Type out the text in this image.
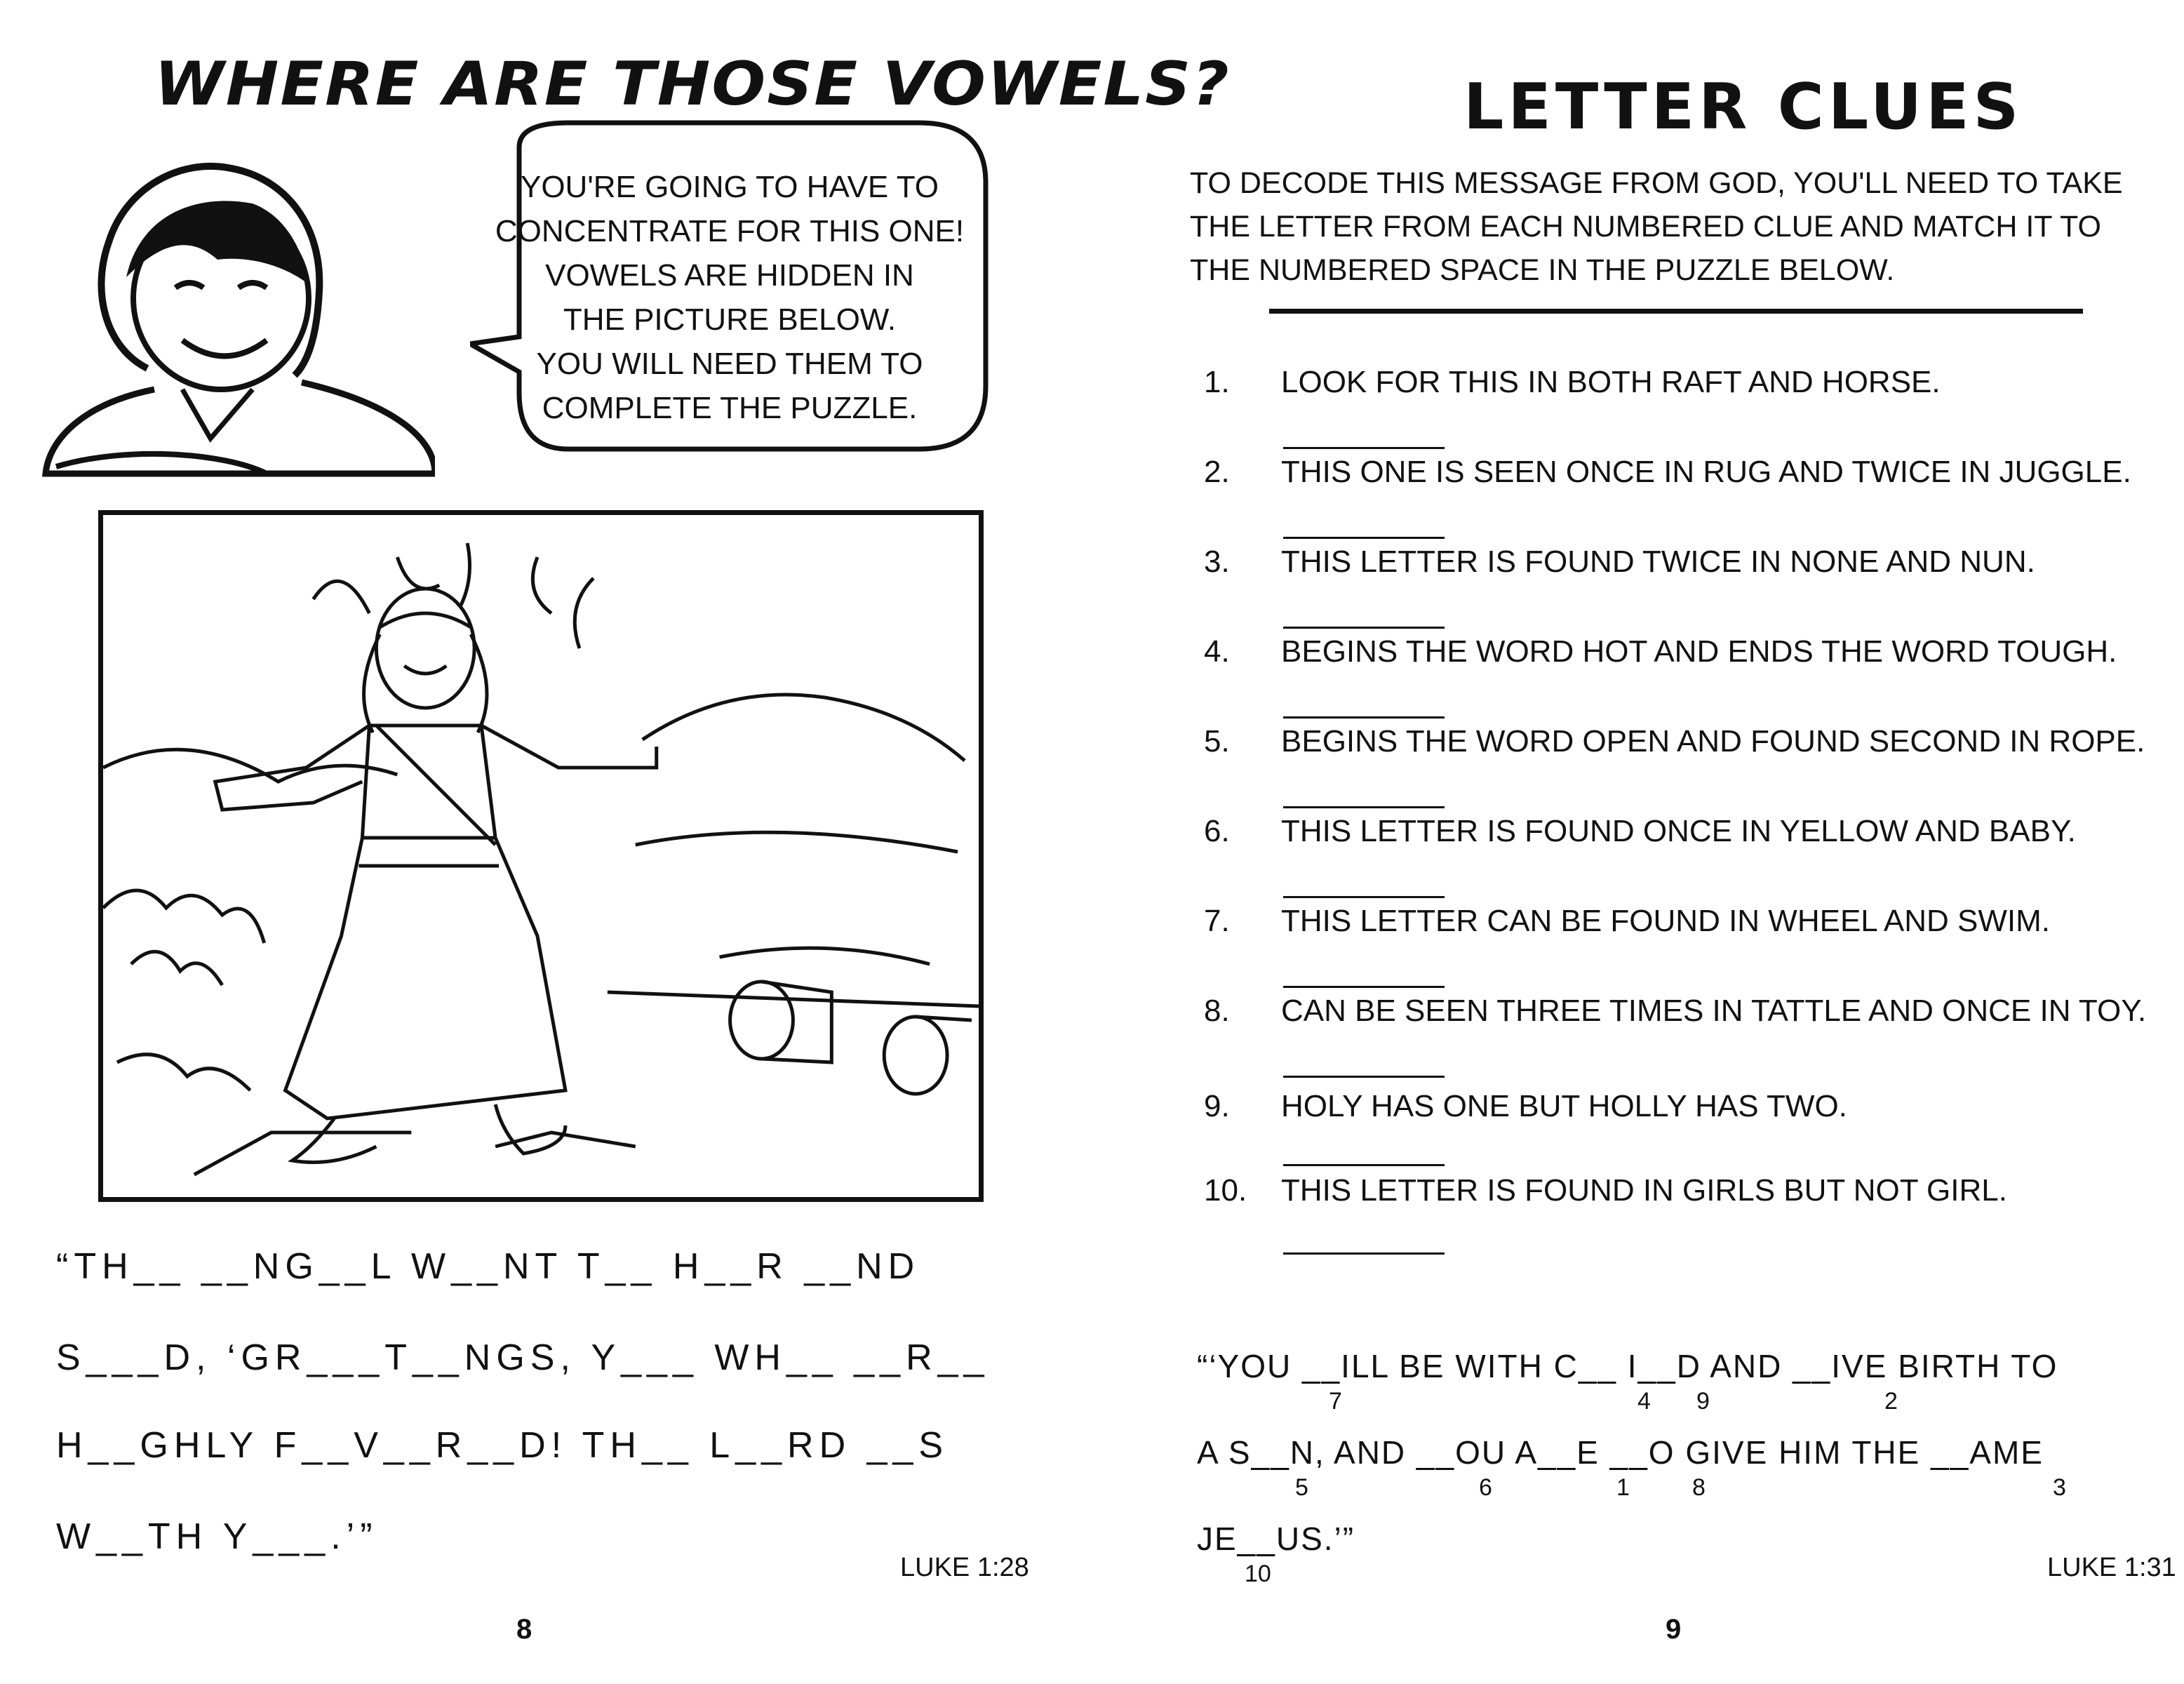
WHERE ARE THOSE VOWELS?
YOU'RE GOING TO HAVE TO
CONCENTRATE FOR THIS ONE!
VOWELS ARE HIDDEN IN
THE PICTURE BELOW.
YOU WILL NEED THEM TO
COMPLETE THE PUZZLE.
“TH__ __NG__L W__NT T__ H__R __ND
S___D, ‘GR___T__NGS, Y___ WH__ __R__
H__GHLY F__V__R__D! TH__ L__RD __S
W__TH Y___.’”
LUKE 1:28
8
LETTER CLUES
TO DECODE THIS MESSAGE FROM GOD, YOU'LL NEED TO TAKE
THE LETTER FROM EACH NUMBERED CLUE AND MATCH IT TO
THE NUMBERED SPACE IN THE PUZZLE BELOW.
1. LOOK FOR THIS IN BOTH RAFT AND HORSE.
2. THIS ONE IS SEEN ONCE IN RUG AND TWICE IN JUGGLE.
3. THIS LETTER IS FOUND TWICE IN NONE AND NUN.
4. BEGINS THE WORD HOT AND ENDS THE WORD TOUGH.
5. BEGINS THE WORD OPEN AND FOUND SECOND IN ROPE.
6. THIS LETTER IS FOUND ONCE IN YELLOW AND BABY.
7. THIS LETTER CAN BE FOUND IN WHEEL AND SWIM.
8. CAN BE SEEN THREE TIMES IN TATTLE AND ONCE IN TOY.
9. HOLY HAS ONE BUT HOLLY HAS TWO.
10. THIS LETTER IS FOUND IN GIRLS BUT NOT GIRL.
“‘YOU __ILL BE WITH C__ I__D AND __IVE BIRTH TO
A S__N, AND __OU A__E __O GIVE HIM THE __AME
JE__US.’”
7	4 9	2
5	6	1	8	3
10	LUKE 1:31
9
